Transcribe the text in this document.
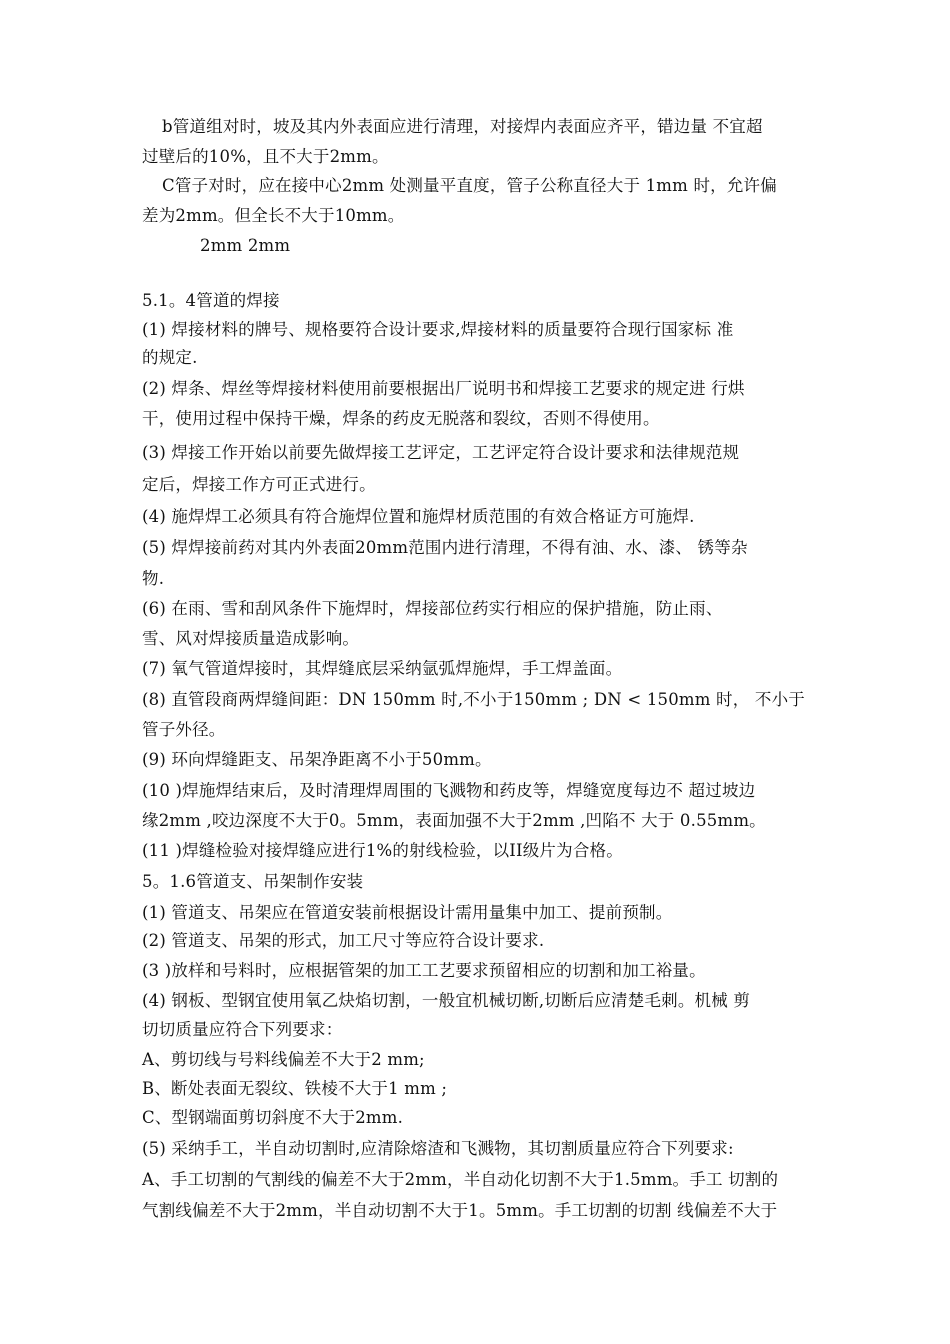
b管道组对时，坡及其内外表面应进行清理，对接焊内表面应齐平，错边量 不宜超
过壁后的10%，且不大于2mm。
C管子对时，应在接中心2mm 处测量平直度，管子公称直径大于 1mm 时，允许偏
差为2mm。但全长不大于10mm。
2mm 2mm
5.1。4管道的焊接
(1) 焊接材料的牌号、规格要符合设计要求,焊接材料的质量要符合现行国家标 准
的规定.
(2) 焊条、焊丝等焊接材料使用前要根据出厂说明书和焊接工艺要求的规定进 行烘
干，使用过程中保持干燥，焊条的药皮无脱落和裂纹，否则不得使用。
(3) 焊接工作开始以前要先做焊接工艺评定，工艺评定符合设计要求和法律规范规
定后，焊接工作方可正式进行。
(4) 施焊焊工必须具有符合施焊位置和施焊材质范围的有效合格证方可施焊.
(5) 焊焊接前药对其内外表面20mm范围内进行清理，不得有油、水、漆、 锈等杂
物.
(6) 在雨、雪和刮风条件下施焊时，焊接部位药实行相应的保护措施，防止雨、
雪、风对焊接质量造成影响。
(7) 氧气管道焊接时，其焊缝底层采纳氩弧焊施焊，手工焊盖面。
(8) 直管段商两焊缝间距：DN 150mm 时,不小于150mm ; DN < 150mm 时， 不小于
管子外径。
(9) 环向焊缝距支、吊架净距离不小于50mm。
(10 )焊施焊结束后，及时清理焊周围的飞溅物和药皮等，焊缝宽度每边不 超过坡边
缘2mm ,咬边深度不大于0。5mm，表面加强不大于2mm ,凹陷不 大于 0.55mm。
(11 )焊缝检验对接焊缝应进行1%的射线检验，以II级片为合格。
5。1.6管道支、吊架制作安装
(1) 管道支、吊架应在管道安装前根据设计需用量集中加工、提前预制。
(2) 管道支、吊架的形式，加工尺寸等应符合设计要求.
(3 )放样和号料时，应根据管架的加工工艺要求预留相应的切割和加工裕量。
(4) 钢板、型钢宜使用氧乙炔焰切割，一般宜机械切断,切断后应清楚毛刺。机械 剪
切切质量应符合下列要求：
A、剪切线与号料线偏差不大于2 mm;
B、断处表面无裂纹、铁棱不大于1 mm ;
C、型钢端面剪切斜度不大于2mm.
(5) 采纳手工，半自动切割时,应清除熔渣和飞溅物，其切割质量应符合下列要求:
A、手工切割的气割线的偏差不大于2mm，半自动化切割不大于1.5mm。手工 切割的
气割线偏差不大于2mm，半自动切割不大于1。5mm。手工切割的切割 线偏差不大于
